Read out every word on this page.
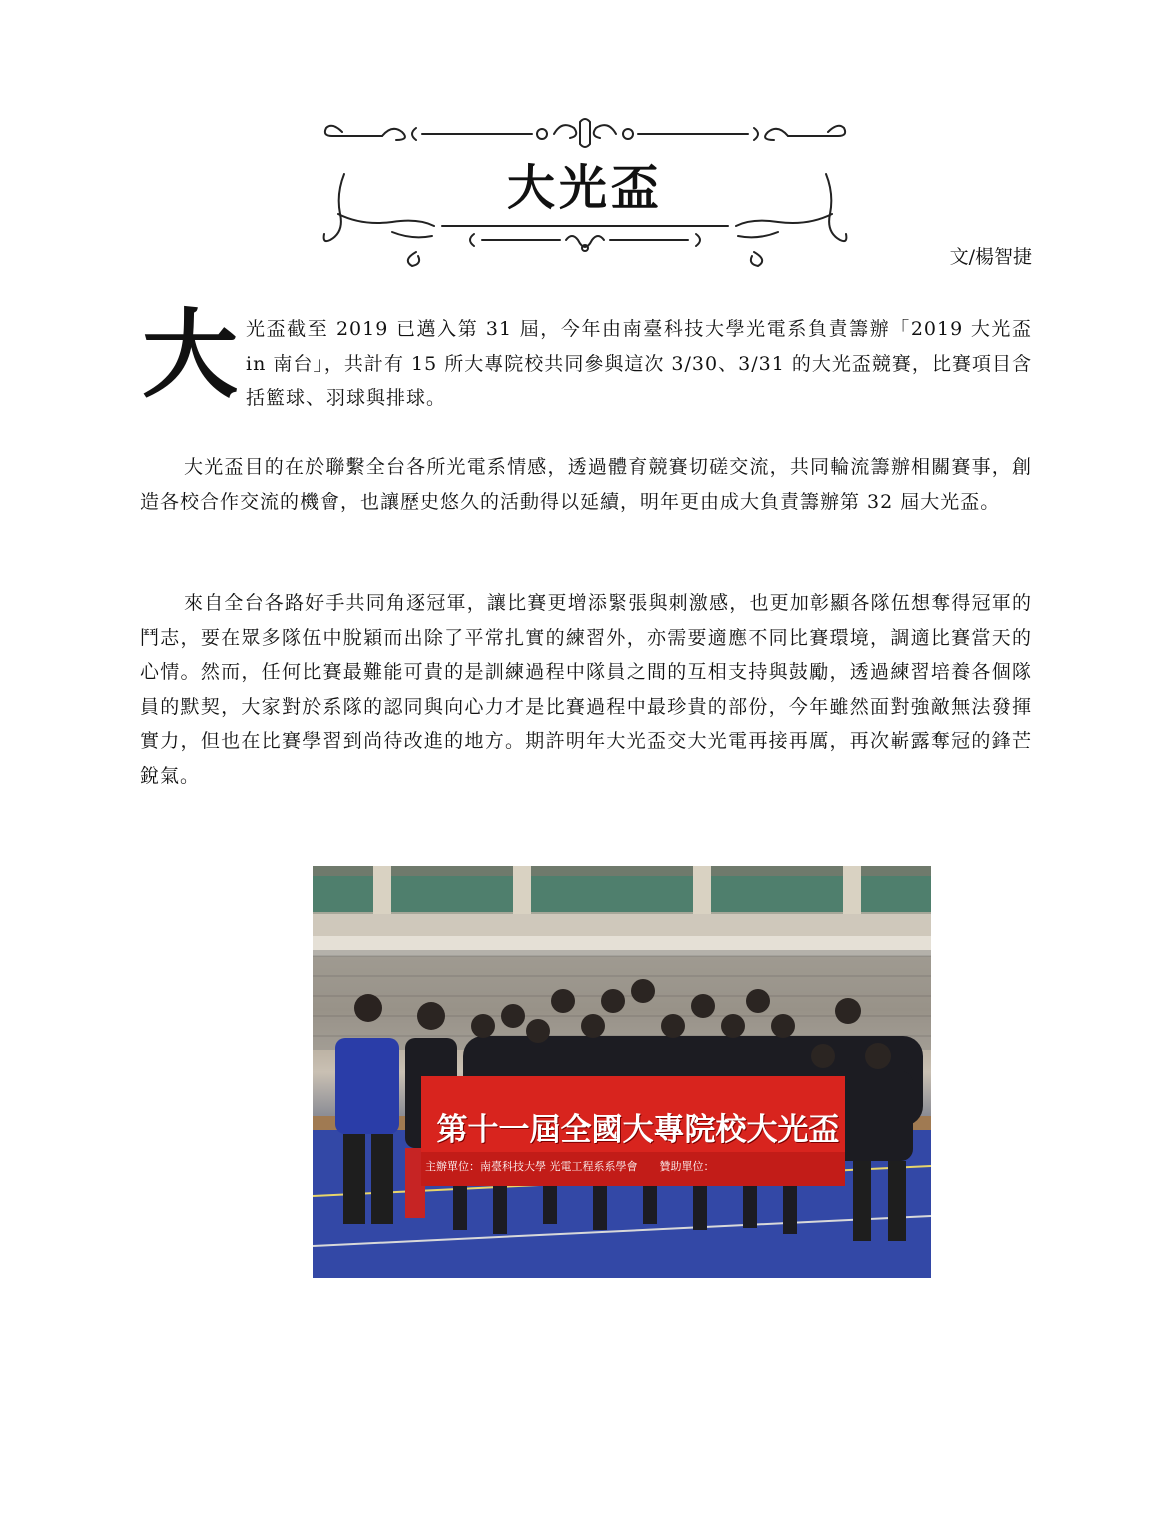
大光盃
文/楊智捷
大 光盃截至 2019 已邁入第 31 屆，今年由南臺科技大學光電系負責籌辦「2019 大光盃 in 南台」，共計有 15 所大專院校共同參與這次 3/30、3/31 的大光盃競賽，比賽項目含括籃球、羽球與排球。
大光盃目的在於聯繫全台各所光電系情感，透過體育競賽切磋交流，共同輪流籌辦相關賽事，創造各校合作交流的機會，也讓歷史悠久的活動得以延續，明年更由成大負責籌辦第 32 屆大光盃。
來自全台各路好手共同角逐冠軍，讓比賽更增添緊張與刺激感，也更加彰顯各隊伍想奪得冠軍的鬥志，要在眾多隊伍中脫穎而出除了平常扎實的練習外，亦需要適應不同比賽環境，調適比賽當天的心情。然而，任何比賽最難能可貴的是訓練過程中隊員之間的互相支持與鼓勵，透過練習培養各個隊員的默契，大家對於系隊的認同與向心力才是比賽過程中最珍貴的部份，今年雖然面對強敵無法發揮實力，但也在比賽學習到尚待改進的地方。期許明年大光盃交大光電再接再厲，再次嶄露奪冠的鋒芒銳氣。
第十一屆全國大專院校大光盃
主辦單位：南臺科技大學 光電工程系系學會　　贊助單位：
